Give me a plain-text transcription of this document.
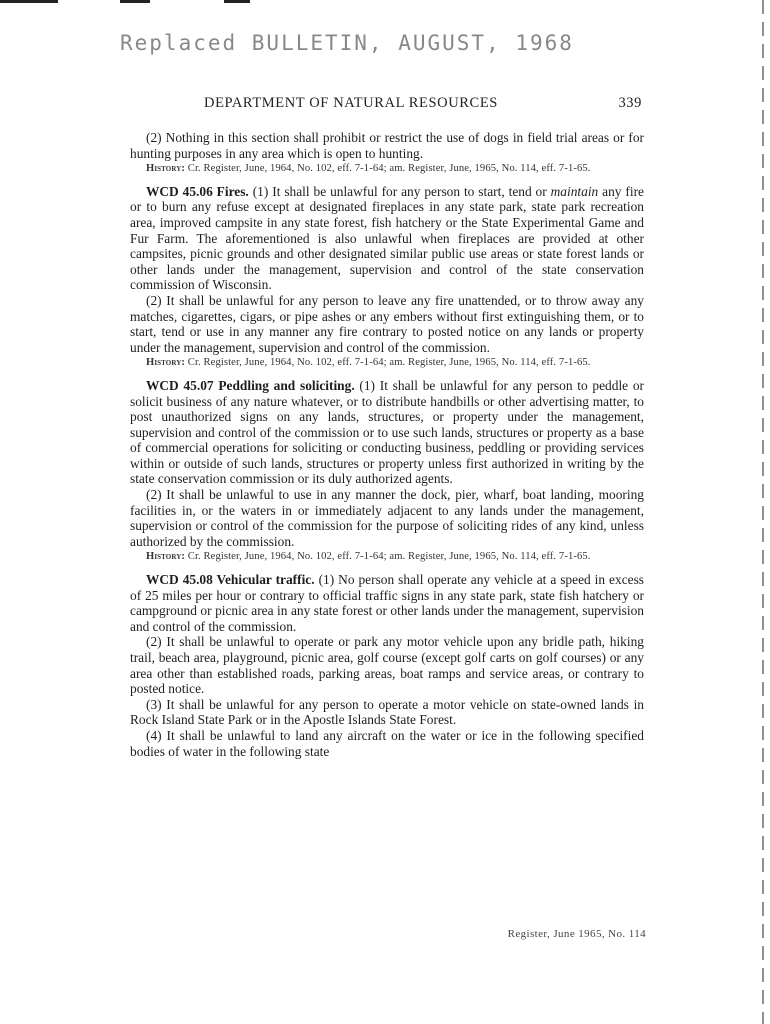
Replaced BULLETIN, AUGUST, 1968
DEPARTMENT OF NATURAL RESOURCES	339

(2) Nothing in this section shall prohibit or restrict the use of dogs in field trial areas or for hunting purposes in any area which is open to hunting.

History: Cr. Register, June, 1964, No. 102, eff. 7-1-64; am. Register, June, 1965, No. 114, eff. 7-1-65.

WCD 45.06 Fires. (1) It shall be unlawful for any person to start, tend or maintain any fire or to burn any refuse except at designated fireplaces in any state park, state park recreation area, improved campsite in any state forest, fish hatchery or the State Experimental Game and Fur Farm. The aforementioned is also unlawful when fireplaces are provided at other campsites, picnic grounds and other designated similar public use areas or state forest lands or other lands under the management, supervision and control of the state conservation commission of Wisconsin.

(2) It shall be unlawful for any person to leave any fire unattended, or to throw away any matches, cigarettes, cigars, or pipe ashes or any embers without first extinguishing them, or to start, tend or use in any manner any fire contrary to posted notice on any lands or property under the management, supervision and control of the commission.

History: Cr. Register, June, 1964, No. 102, eff. 7-1-64; am. Register, June, 1965, No. 114, eff. 7-1-65.

WCD 45.07 Peddling and soliciting. (1) It shall be unlawful for any person to peddle or solicit business of any nature whatever, or to distribute handbills or other advertising matter, to post unauthorized signs on any lands, structures, or property under the management, supervision and control of the commission or to use such lands, structures or property as a base of commercial operations for soliciting or conducting business, peddling or providing services within or outside of such lands, structures or property unless first authorized in writing by the state conservation commission or its duly authorized agents.

(2) It shall be unlawful to use in any manner the dock, pier, wharf, boat landing, mooring facilities in, or the waters in or immediately adjacent to any lands under the management, supervision or control of the commission for the purpose of soliciting rides of any kind, unless authorized by the commission.

History: Cr. Register, June, 1964, No. 102, eff. 7-1-64; am. Register, June, 1965, No. 114, eff. 7-1-65.

WCD 45.08 Vehicular traffic. (1) No person shall operate any vehicle at a speed in excess of 25 miles per hour or contrary to official traffic signs in any state park, state fish hatchery or campground or picnic area in any state forest or other lands under the management, supervision and control of the commission.

(2) It shall be unlawful to operate or park any motor vehicle upon any bridle path, hiking trail, beach area, playground, picnic area, golf course (except golf carts on golf courses) or any area other than established roads, parking areas, boat ramps and service areas, or contrary to posted notice.

(3) It shall be unlawful for any person to operate a motor vehicle on state-owned lands in Rock Island State Park or in the Apostle Islands State Forest.

(4) It shall be unlawful to land any aircraft on the water or ice in the following specified bodies of water in the following state

Register, June 1965, No. 114
